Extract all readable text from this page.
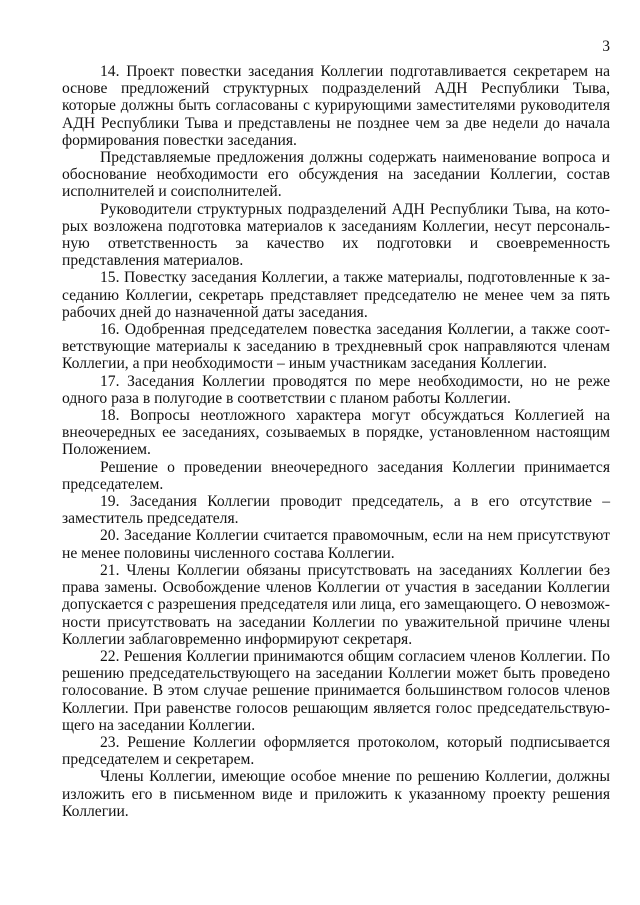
3

14. Проект повестки заседания Коллегии подготавливается секретарем на основе предложений структурных подразделений АДН Республики Тыва, которые должны быть согласованы с курирующими заместителями руководителя АДН Республики Тыва и представлены не позднее чем за две недели до начала формирования повестки заседания.

Представляемые предложения должны содержать наименование вопроса и обоснование необходимости его обсуждения на заседании Коллегии, состав исполнителей и соисполнителей.

Руководители структурных подразделений АДН Республики Тыва, на которых возложена подготовка материалов к заседаниям Коллегии, несут персональную ответственность за качество их подготовки и своевременность представления материалов.

15. Повестку заседания Коллегии, а также материалы, подготовленные к заседанию Коллегии, секретарь представляет председателю не менее чем за пять рабочих дней до назначенной даты заседания.

16. Одобренная председателем повестка заседания Коллегии, а также соответствующие материалы к заседанию в трехдневный срок направляются членам Коллегии, а при необходимости – иным участникам заседания Коллегии.

17. Заседания Коллегии проводятся по мере необходимости, но не реже одного раза в полугодие в соответствии с планом работы Коллегии.

18. Вопросы неотложного характера могут обсуждаться Коллегией на внеочередных ее заседаниях, созываемых в порядке, установленном настоящим Положением.

Решение о проведении внеочередного заседания Коллегии принимается председателем.

19. Заседания Коллегии проводит председатель, а в его отсутствие – заместитель председателя.

20. Заседание Коллегии считается правомочным, если на нем присутствуют не менее половины численного состава Коллегии.

21. Члены Коллегии обязаны присутствовать на заседаниях Коллегии без права замены. Освобождение членов Коллегии от участия в заседании Коллегии допускается с разрешения председателя или лица, его замещающего. О невозможности присутствовать на заседании Коллегии по уважительной причине члены Коллегии заблаговременно информируют секретаря.

22. Решения Коллегии принимаются общим согласием членов Коллегии. По решению председательствующего на заседании Коллегии может быть проведено голосование. В этом случае решение принимается большинством голосов членов Коллегии. При равенстве голосов решающим является голос председательствующего на заседании Коллегии.

23. Решение Коллегии оформляется протоколом, который подписывается председателем и секретарем.

Члены Коллегии, имеющие особое мнение по решению Коллегии, должны изложить его в письменном виде и приложить к указанному проекту решения Коллегии.
